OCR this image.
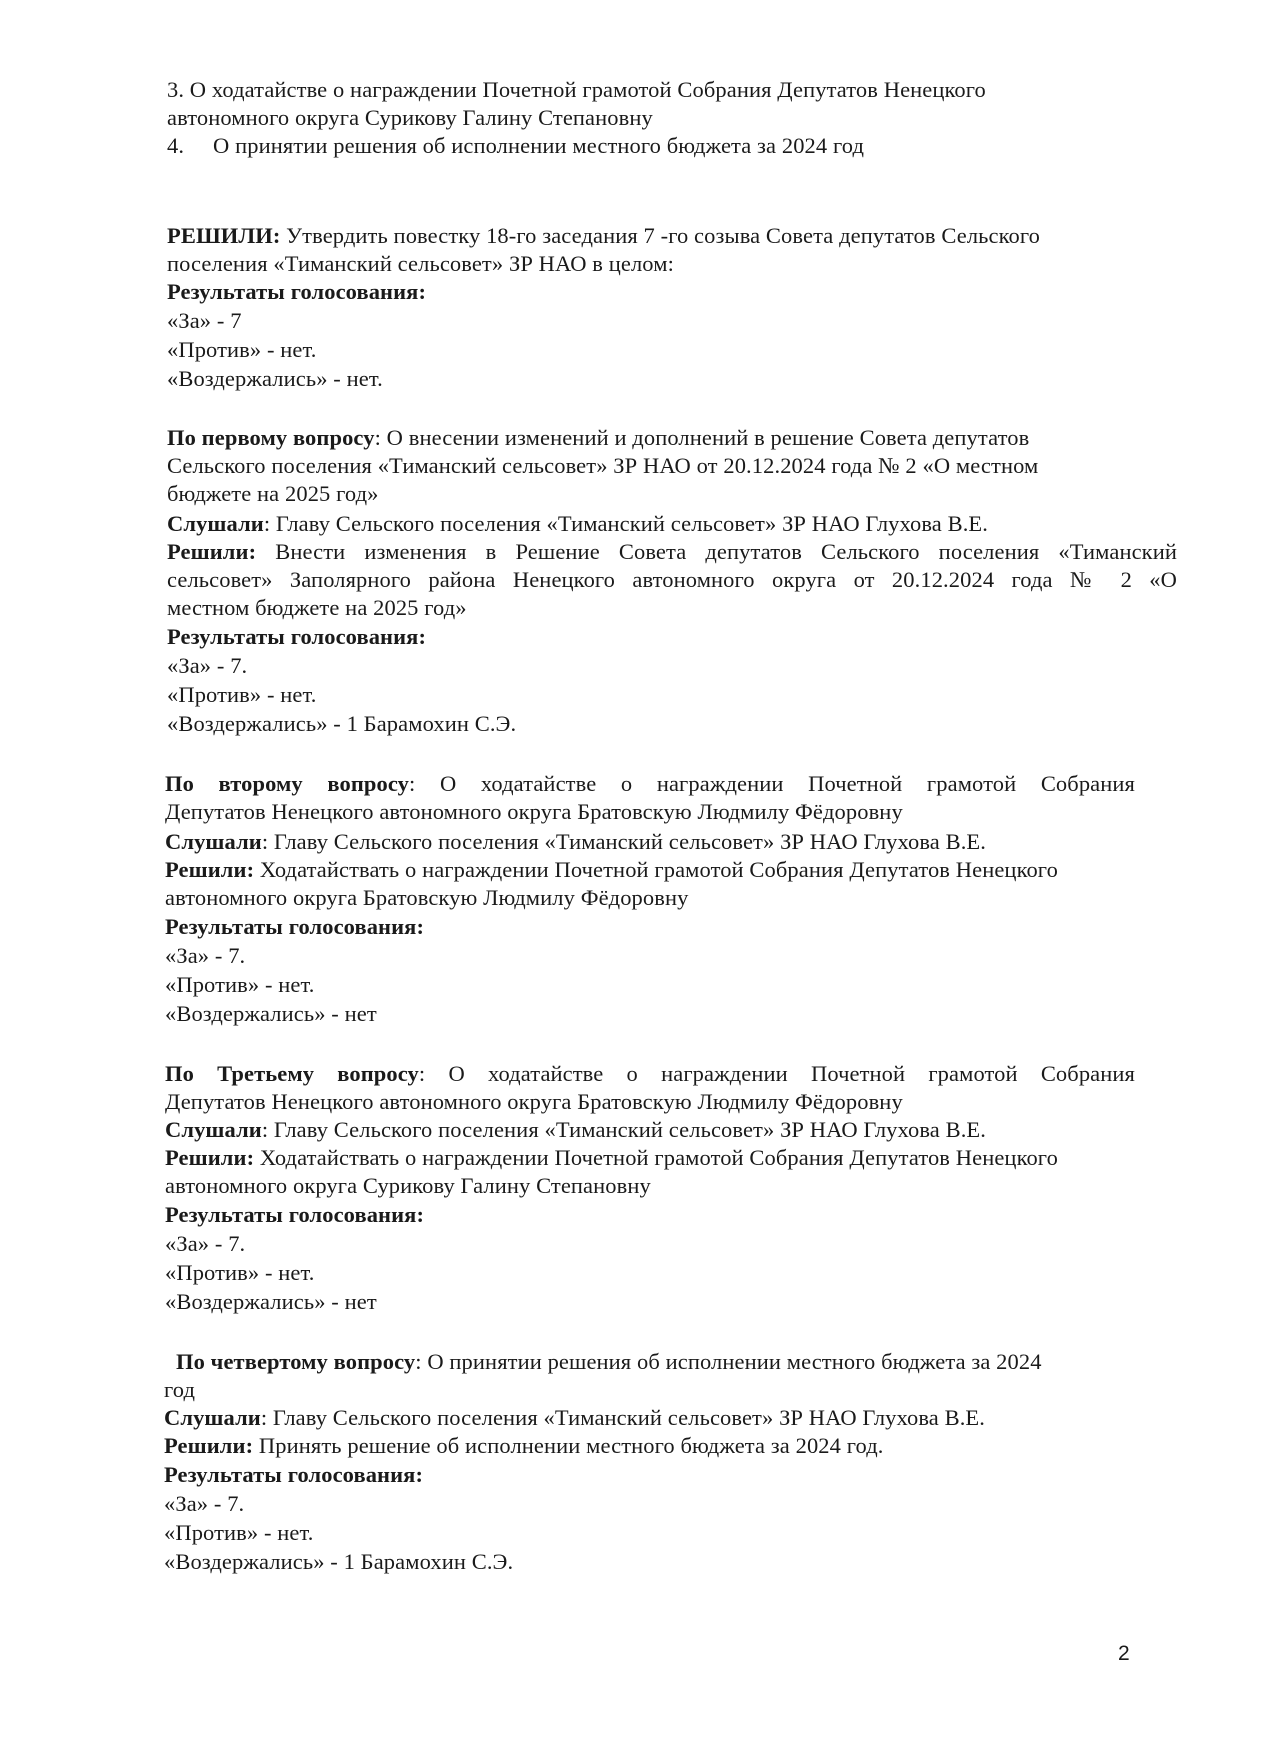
3. О ходатайстве о награждении Почетной грамотой Собрания Депутатов Ненецкого
автономного округа Сурикову Галину Степановну
4. О принятии решения об исполнении местного бюджета за 2024 год
РЕШИЛИ: Утвердить повестку 18-го заседания 7 -го созыва Совета депутатов Сельского
поселения «Тиманский сельсовет» ЗР НАО в целом:
Результаты голосования:
«За» - 7
«Против» - нет.
«Воздержались» - нет.
По первому вопросу: О внесении изменений и дополнений в решение Совета депутатов
Сельского поселения «Тиманский сельсовет» ЗР НАО от 20.12.2024 года № 2 «О местном
бюджете на 2025 год»
Слушали: Главу Сельского поселения «Тиманский сельсовет» ЗР НАО Глухова В.Е.
Решили: Внести изменения в Решение Совета депутатов Сельского поселения «Тиманский
сельсовет» Заполярного района Ненецкого автономного округа от 20.12.2024 года № 2 «О
местном бюджете на 2025 год»
Результаты голосования:
«За» - 7.
«Против» - нет.
«Воздержались» - 1 Барамохин С.Э.
По второму вопросу: О ходатайстве о награждении Почетной грамотой Собрания
Депутатов Ненецкого автономного округа Братовскую Людмилу Фёдоровну
Слушали: Главу Сельского поселения «Тиманский сельсовет» ЗР НАО Глухова В.Е.
Решили: Ходатайствать о награждении Почетной грамотой Собрания Депутатов Ненецкого
автономного округа Братовскую Людмилу Фёдоровну
Результаты голосования:
«За» - 7.
«Против» - нет.
«Воздержались» - нет
По Третьему вопросу: О ходатайстве о награждении Почетной грамотой Собрания
Депутатов Ненецкого автономного округа Братовскую Людмилу Фёдоровну
Слушали: Главу Сельского поселения «Тиманский сельсовет» ЗР НАО Глухова В.Е.
Решили: Ходатайствать о награждении Почетной грамотой Собрания Депутатов Ненецкого
автономного округа Сурикову Галину Степановну
Результаты голосования:
«За» - 7.
«Против» - нет.
«Воздержались» - нет
По четвертому вопросу: О принятии решения об исполнении местного бюджета за 2024
год
Слушали: Главу Сельского поселения «Тиманский сельсовет» ЗР НАО Глухова В.Е.
Решили: Принять решение об исполнении местного бюджета за 2024 год.
Результаты голосования:
«За» - 7.
«Против» - нет.
«Воздержались» - 1 Барамохин С.Э.
2
